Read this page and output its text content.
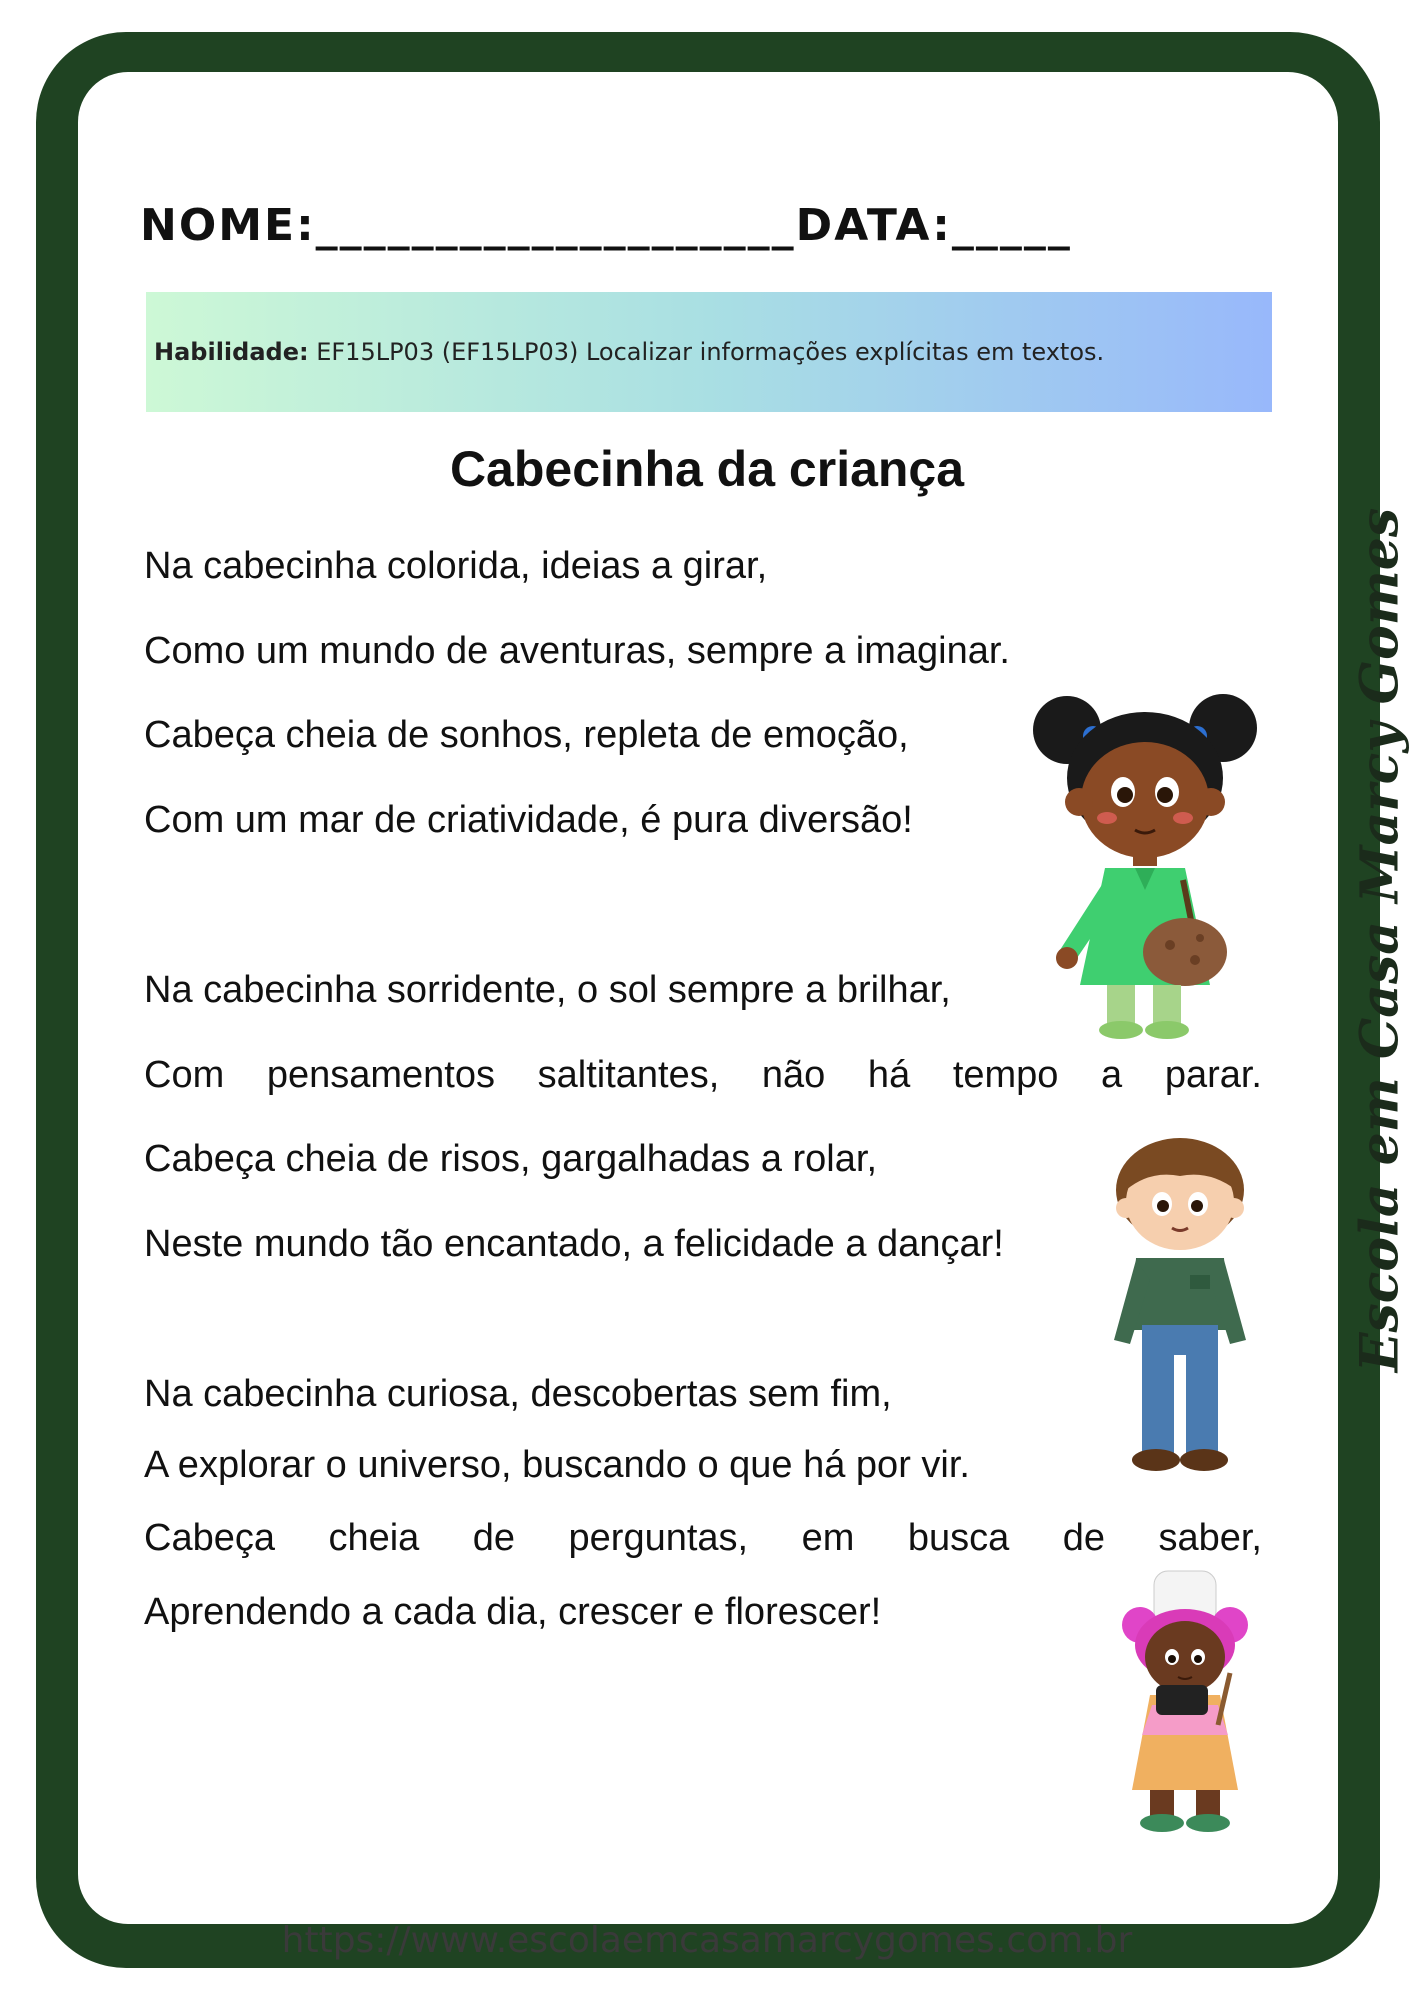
NOME:____________________DATA:_____
Habilidade: EF15LP03 (EF15LP03) Localizar informações explícitas em textos.
Cabecinha da criança
Na cabecinha colorida, ideias a girar,
Como um mundo de aventuras, sempre a imaginar.
Cabeça cheia de sonhos, repleta de emoção,
Com um mar de criatividade, é pura diversão!
Na cabecinha sorridente, o sol sempre a brilhar,
Com pensamentos saltitantes, não há tempo a parar.
Cabeça cheia de risos, gargalhadas a rolar,
Neste mundo tão encantado, a felicidade a dançar!
Na cabecinha curiosa, descobertas sem fim,
A explorar o universo, buscando o que há por vir.
Cabeça cheia de perguntas, em busca de saber,
Aprendendo a cada dia, crescer e florescer!
Escola em Casa Marcy Gomes
https://www.escolaemcasamarcygomes.com.br
